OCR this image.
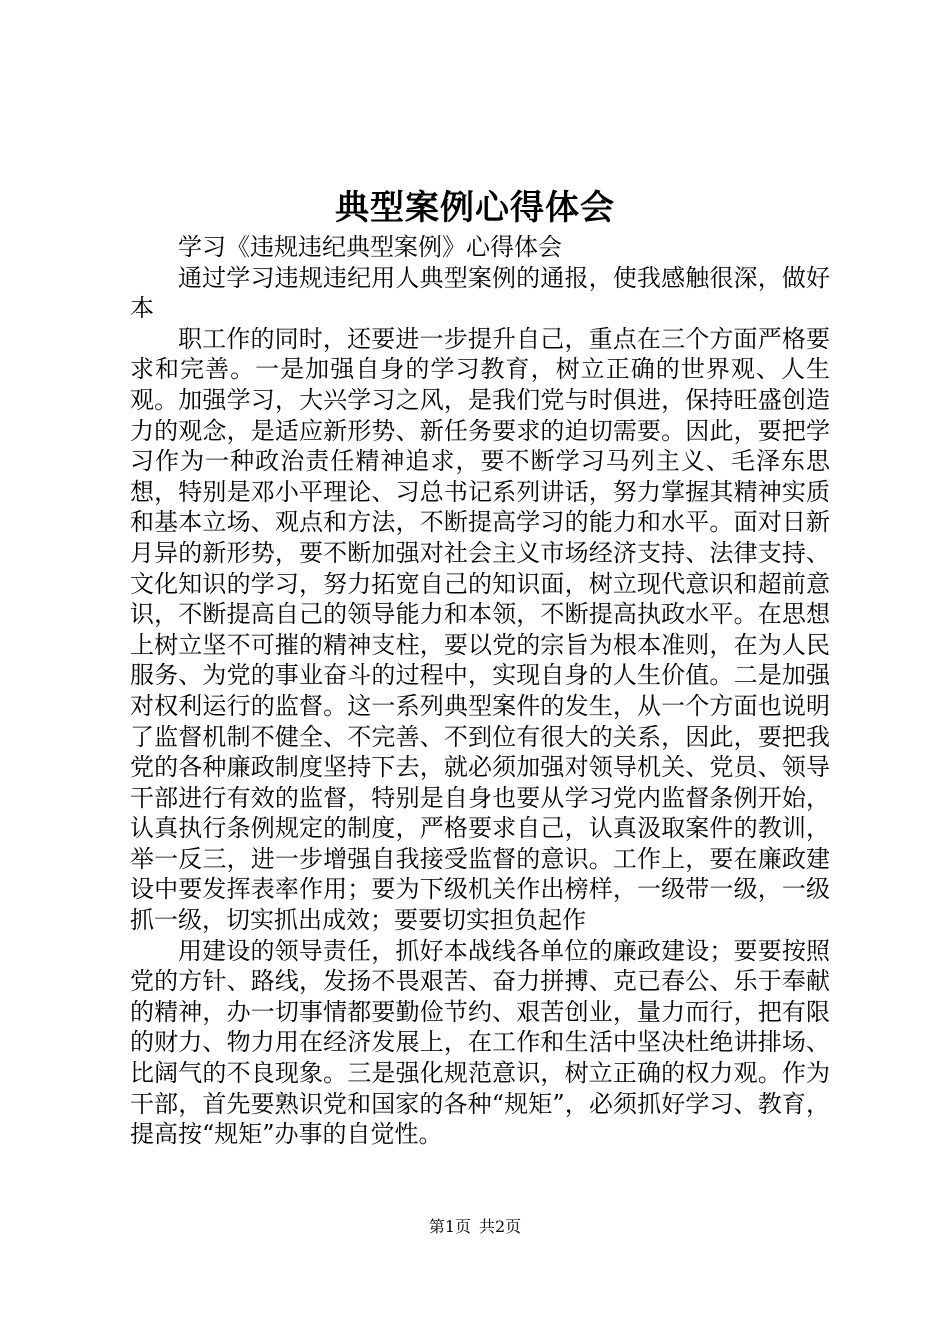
典型案例心得体会

学习《违规违纪典型案例》心得体会

通过学习违规违纪用人典型案例的通报，使我感触很深，做好本

职工作的同时，还要进一步提升自己，重点在三个方面严格要求和完善。一是加强自身的学习教育，树立正确的世界观、人生观。加强学习，大兴学习之风，是我们党与时俱进，保持旺盛创造力的观念，是适应新形势、新任务要求的迫切需要。因此，要把学习作为一种政治责任精神追求，要不断学习马列主义、毛泽东思想，特别是邓小平理论、习总书记系列讲话，努力掌握其精神实质和基本立场、观点和方法，不断提高学习的能力和水平。面对日新月异的新形势，要不断加强对社会主义市场经济支持、法律支持、文化知识的学习，努力拓宽自己的知识面，树立现代意识和超前意识，不断提高自己的领导能力和本领，不断提高执政水平。在思想上树立坚不可摧的精神支柱，要以党的宗旨为根本准则，在为人民服务、为党的事业奋斗的过程中，实现自身的人生价值。二是加强对权利运行的监督。这一系列典型案件的发生，从一个方面也说明了监督机制不健全、不完善、不到位有很大的关系，因此，要把我党的各种廉政制度坚持下去，就必须加强对领导机关、党员、领导干部进行有效的监督，特别是自身也要从学习党内监督条例开始，认真执行条例规定的制度，严格要求自己，认真汲取案件的教训，举一反三，进一步增强自我接受监督的意识。工作上，要在廉政建设中要发挥表率作用；要为下级机关作出榜样，一级带一级，一级抓一级，切实抓出成效；要要切实担负起作

用建设的领导责任，抓好本战线各单位的廉政建设；要要按照党的方针、路线，发扬不畏艰苦、奋力拼搏、克已春公、乐于奉献的精神，办一切事情都要勤俭节约、艰苦创业，量力而行，把有限的财力、物力用在经济发展上，在工作和生活中坚决杜绝讲排场、比阔气的不良现象。三是强化规范意识，树立正确的权力观。作为干部，首先要熟识党和国家的各种“规矩”，必须抓好学习、教育，提高按“规矩”办事的自觉性。

第1页 共2页
